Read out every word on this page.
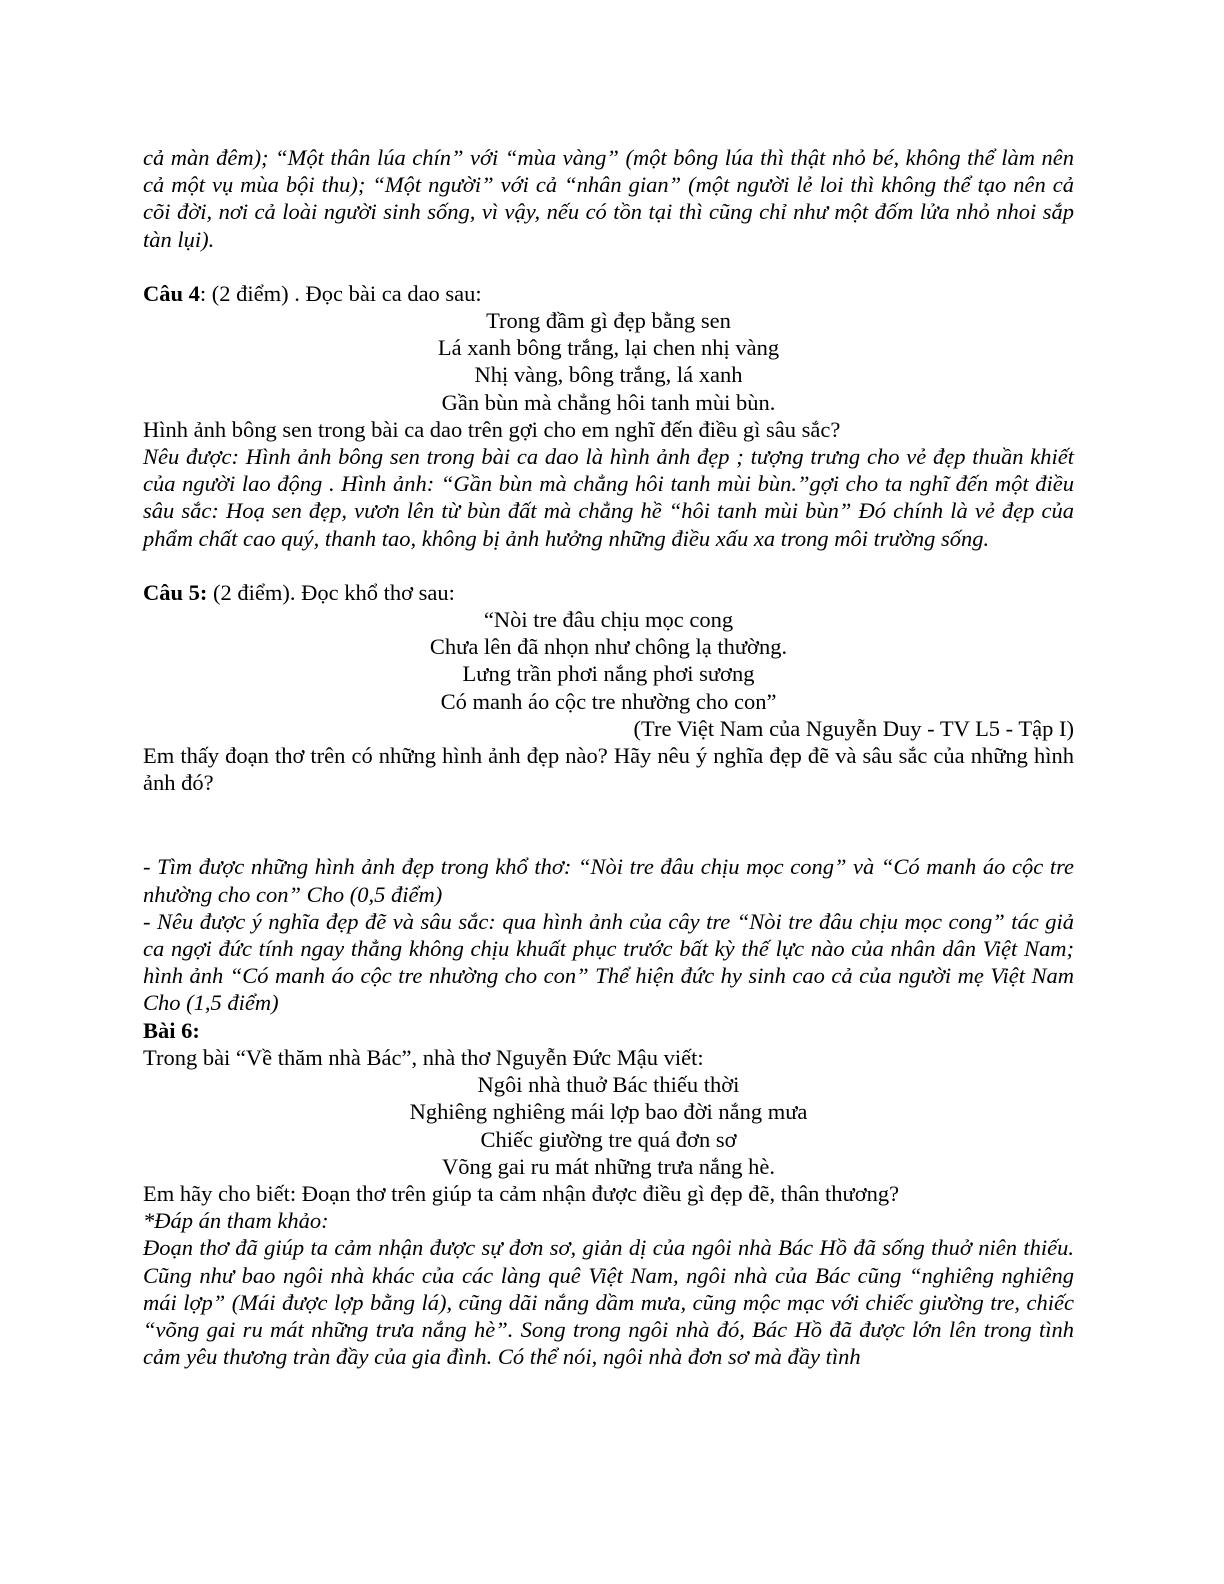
cả màn đêm); “Một thân lúa chín” với “mùa vàng” (một bông lúa thì thật nhỏ bé, không thể làm nên cả một vụ mùa bội thu); “Một người” với cả “nhân gian” (một người lẻ loi thì không thể tạo nên cả cõi đời, nơi cả loài người sinh sống, vì vậy, nếu có tồn tại thì cũng chỉ như một đốm lửa nhỏ nhoi sắp tàn lụi).

Câu 4: (2 điểm) . Đọc bài ca dao sau:

Trong đầm gì đẹp bằng sen

Lá xanh bông trắng, lại chen nhị vàng

Nhị vàng, bông trắng, lá xanh

Gần bùn mà chẳng hôi tanh mùi bùn.

Hình ảnh bông sen trong bài ca dao trên gợi cho em nghĩ đến điều gì sâu sắc?

Nêu được: Hình ảnh bông sen trong bài ca dao là hình ảnh đẹp ; tượng trưng cho vẻ đẹp thuần khiết của người lao động . Hình ảnh: “Gần bùn mà chẳng hôi tanh mùi bùn.”gợi cho ta nghĩ đến một điều sâu sắc: Hoạ sen đẹp, vươn lên từ bùn đất mà chẳng hề “hôi tanh mùi bùn” Đó chính là vẻ đẹp của phẩm chất cao quý, thanh tao, không bị ảnh hưởng những điều xấu xa trong môi trường sống.

Câu 5: (2 điểm). Đọc khổ thơ sau:

“Nòi tre đâu chịu mọc cong

Chưa lên đã nhọn như chông lạ thường.

Lưng trần phơi nắng phơi sương

Có manh áo cộc tre nhường cho con”

(Tre Việt Nam của Nguyễn Duy - TV L5 - Tập I)

Em thấy đoạn thơ trên có những hình ảnh đẹp nào? Hãy nêu ý nghĩa đẹp đẽ và sâu sắc của những hình ảnh đó?

- Tìm được những hình ảnh đẹp trong khổ thơ: “Nòi tre đâu chịu mọc cong” và “Có manh áo cộc tre nhường cho con” Cho (0,5 điểm)

- Nêu được ý nghĩa đẹp đẽ và sâu sắc: qua hình ảnh của cây tre “Nòi tre đâu chịu mọc cong” tác giả ca ngợi đức tính ngay thẳng không chịu khuất phục trước bất kỳ thế lực nào của nhân dân Việt Nam; hình ảnh “Có manh áo cộc tre nhường cho con” Thể hiện đức hy sinh cao cả của người mẹ Việt Nam Cho (1,5 điểm)

Bài 6:

Trong bài “Về thăm nhà Bác”, nhà thơ Nguyễn Đức Mậu viết:

Ngôi nhà thuở Bác thiếu thời

Nghiêng nghiêng mái lợp bao đời nắng mưa

Chiếc giường tre quá đơn sơ

Võng gai ru mát những trưa nắng hè.

Em hãy cho biết: Đoạn thơ trên giúp ta cảm nhận được điều gì đẹp đẽ, thân thương?

*Đáp án tham khảo:

Đoạn thơ đã giúp ta cảm nhận được sự đơn sơ, giản dị của ngôi nhà Bác Hồ đã sống thuở niên thiếu. Cũng như bao ngôi nhà khác của các làng quê Việt Nam, ngôi nhà của Bác cũng “nghiêng nghiêng mái lợp” (Mái được lợp bằng lá), cũng dãi nắng dầm mưa, cũng mộc mạc với chiếc giường tre, chiếc “võng gai ru mát những trưa nắng hè”. Song trong ngôi nhà đó, Bác Hồ đã được lớn lên trong tình cảm yêu thương tràn đầy của gia đình. Có thể nói, ngôi nhà đơn sơ mà đầy tình
